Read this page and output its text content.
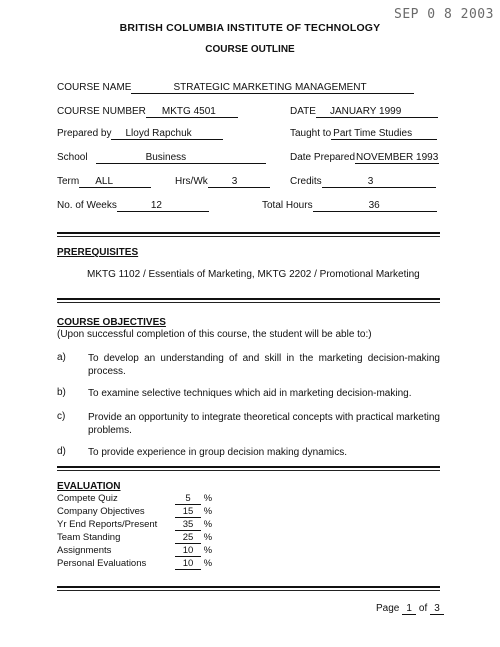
SEP 0 8 2003
BRITISH COLUMBIA INSTITUTE OF TECHNOLOGY
COURSE OUTLINE
COURSE NAME	STRATEGIC MARKETING MANAGEMENT
COURSE NUMBER MKTG 4501	DATE JANUARY 1999
Prepared by Lloyd Rapchuk	Taught to Part Time Studies
School	Business	Date PreparedNOVEMBER 1993
Term ALL	Hrs/Wk 3	Credits	3
No. of Weeks	12	Total Hours	36
PREREQUISITES
MKTG 1102 / Essentials of Marketing, MKTG 2202 / Promotional Marketing
COURSE OBJECTIVES
(Upon successful completion of this course, the student will be able to:)
a) To develop an understanding of and skill in the marketing decision-making process.
b) To examine selective techniques which aid in marketing decision-making.
c) Provide an opportunity to integrate theoretical concepts with practical marketing problems.
d) To provide experience in group decision making dynamics.
EVALUATION
Compete Quiz	5 %
Company Objectives	15 %
Yr End Reports/Present	35 %
Team Standing	25 %
Assignments	10 %
Personal Evaluations	10 %
Page 1 of 3
